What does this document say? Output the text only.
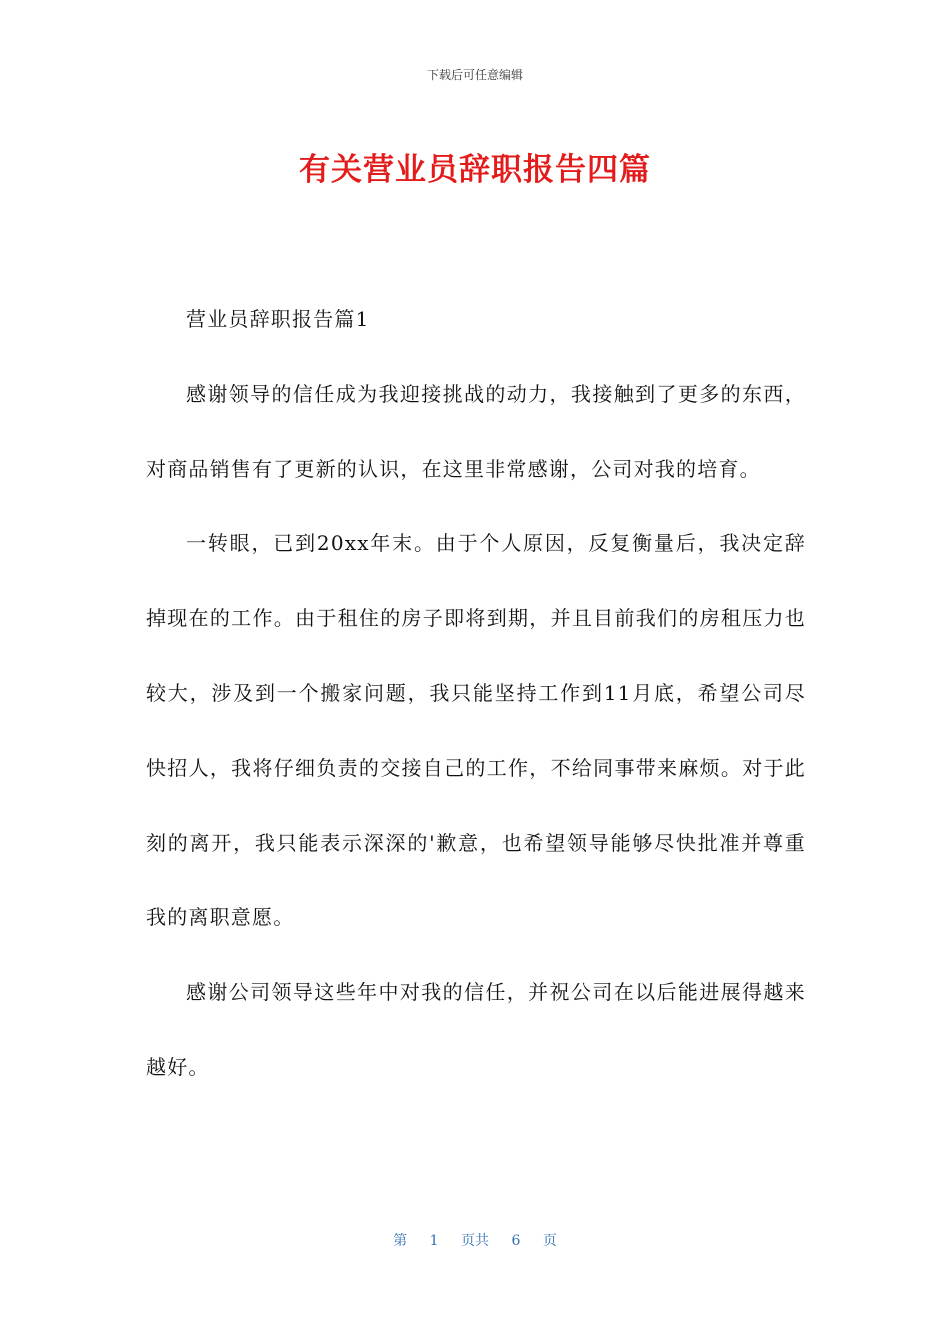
下载后可任意编辑
有关营业员辞职报告四篇

营业员辞职报告篇1

感谢领导的信任成为我迎接挑战的动力，我接触到了更多的东西，对商品销售有了更新的认识，在这里非常感谢，公司对我的培育。

一转眼，已到20xx年末。由于个人原因，反复衡量后，我决定辞掉现在的工作。由于租住的房子即将到期，并且目前我们的房租压力也较大，涉及到一个搬家问题，我只能坚持工作到11月底，希望公司尽快招人，我将仔细负责的交接自己的工作，不给同事带来麻烦。对于此刻的离开，我只能表示深深的'歉意，也希望领导能够尽快批准并尊重我的离职意愿。

感谢公司领导这些年中对我的信任，并祝公司在以后能进展得越来越好。

第 1 页共 6 页
